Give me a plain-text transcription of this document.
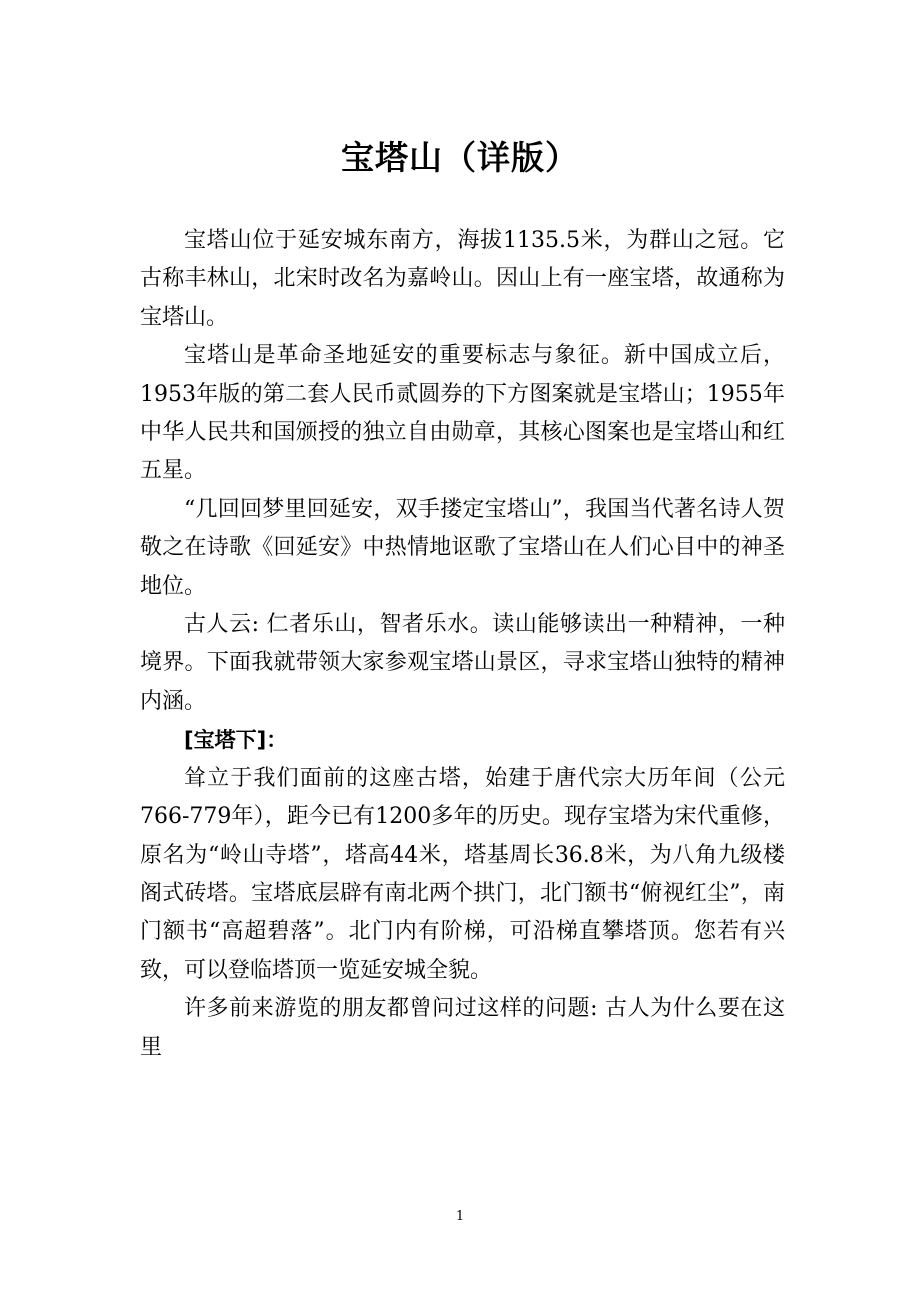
宝塔山（详版）

宝塔山位于延安城东南方，海拔1135.5米，为群山之冠。它古称丰林山，北宋时改名为嘉岭山。因山上有一座宝塔，故通称为宝塔山。

宝塔山是革命圣地延安的重要标志与象征。新中国成立后，1953年版的第二套人民币贰圆券的下方图案就是宝塔山；1955年中华人民共和国颁授的独立自由勋章，其核心图案也是宝塔山和红五星。

“几回回梦里回延安，双手搂定宝塔山”，我国当代著名诗人贺敬之在诗歌《回延安》中热情地讴歌了宝塔山在人们心目中的神圣地位。

古人云: 仁者乐山，智者乐水。读山能够读出一种精神，一种境界。下面我就带领大家参观宝塔山景区，寻求宝塔山独特的精神内涵。

[宝塔下]：

耸立于我们面前的这座古塔，始建于唐代宗大历年间（公元766-779年），距今已有1200多年的历史。现存宝塔为宋代重修，原名为“岭山寺塔”，塔高44米，塔基周长36.8米，为八角九级楼阁式砖塔。宝塔底层辟有南北两个拱门，北门额书“俯视红尘”，南门额书“高超碧落”。北门内有阶梯，可沿梯直攀塔顶。您若有兴致，可以登临塔顶一览延安城全貌。

许多前来游览的朋友都曾问过这样的问题: 古人为什么要在这里

1
